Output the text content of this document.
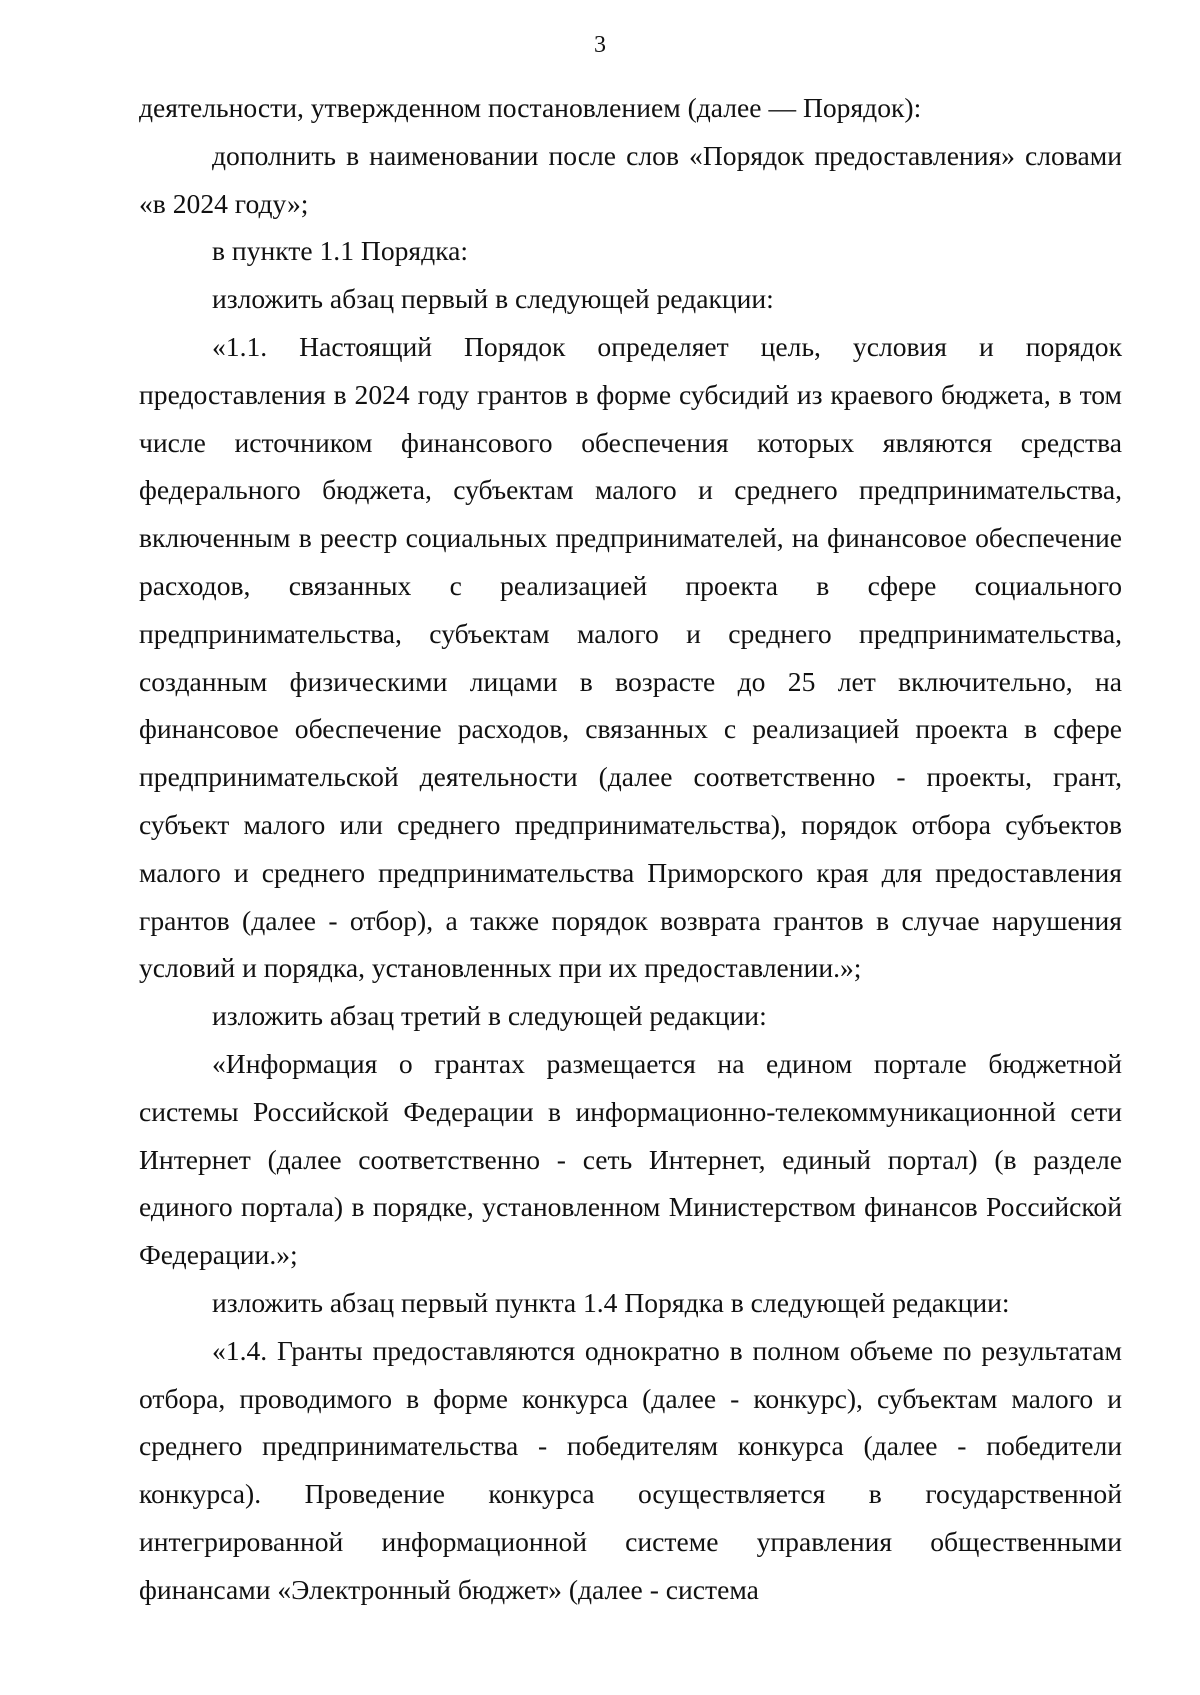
3

деятельности, утвержденном постановлением (далее — Порядок):

дополнить в наименовании после слов «Порядок предоставления» словами «в 2024 году»;

в пункте 1.1 Порядка:

изложить абзац первый в следующей редакции:

«1.1. Настоящий Порядок определяет цель, условия и порядок предоставления в 2024 году грантов в форме субсидий из краевого бюджета, в том числе источником финансового обеспечения которых являются средства федерального бюджета, субъектам малого и среднего предпринимательства, включенным в реестр социальных предпринимателей, на финансовое обеспечение расходов, связанных с реализацией проекта в сфере социального предпринимательства, субъектам малого и среднего предпринимательства, созданным физическими лицами в возрасте до 25 лет включительно, на финансовое обеспечение расходов, связанных с реализацией проекта в сфере предпринимательской деятельности (далее соответственно - проекты, грант, субъект малого или среднего предпринимательства), порядок отбора субъектов малого и среднего предпринимательства Приморского края для предоставления грантов (далее - отбор), а также порядок возврата грантов в случае нарушения условий и порядка, установленных при их предоставлении.»;

изложить абзац третий в следующей редакции:

«Информация о грантах размещается на едином портале бюджетной системы Российской Федерации в информационно-телекоммуникационной сети Интернет (далее соответственно - сеть Интернет, единый портал) (в разделе единого портала) в порядке, установленном Министерством финансов Российской Федерации.»;

изложить абзац первый пункта 1.4 Порядка в следующей редакции:

«1.4. Гранты предоставляются однократно в полном объеме по результатам отбора, проводимого в форме конкурса (далее - конкурс), субъектам малого и среднего предпринимательства - победителям конкурса (далее - победители конкурса). Проведение конкурса осуществляется в государственной интегрированной информационной системе управления общественными финансами «Электронный бюджет» (далее - система
